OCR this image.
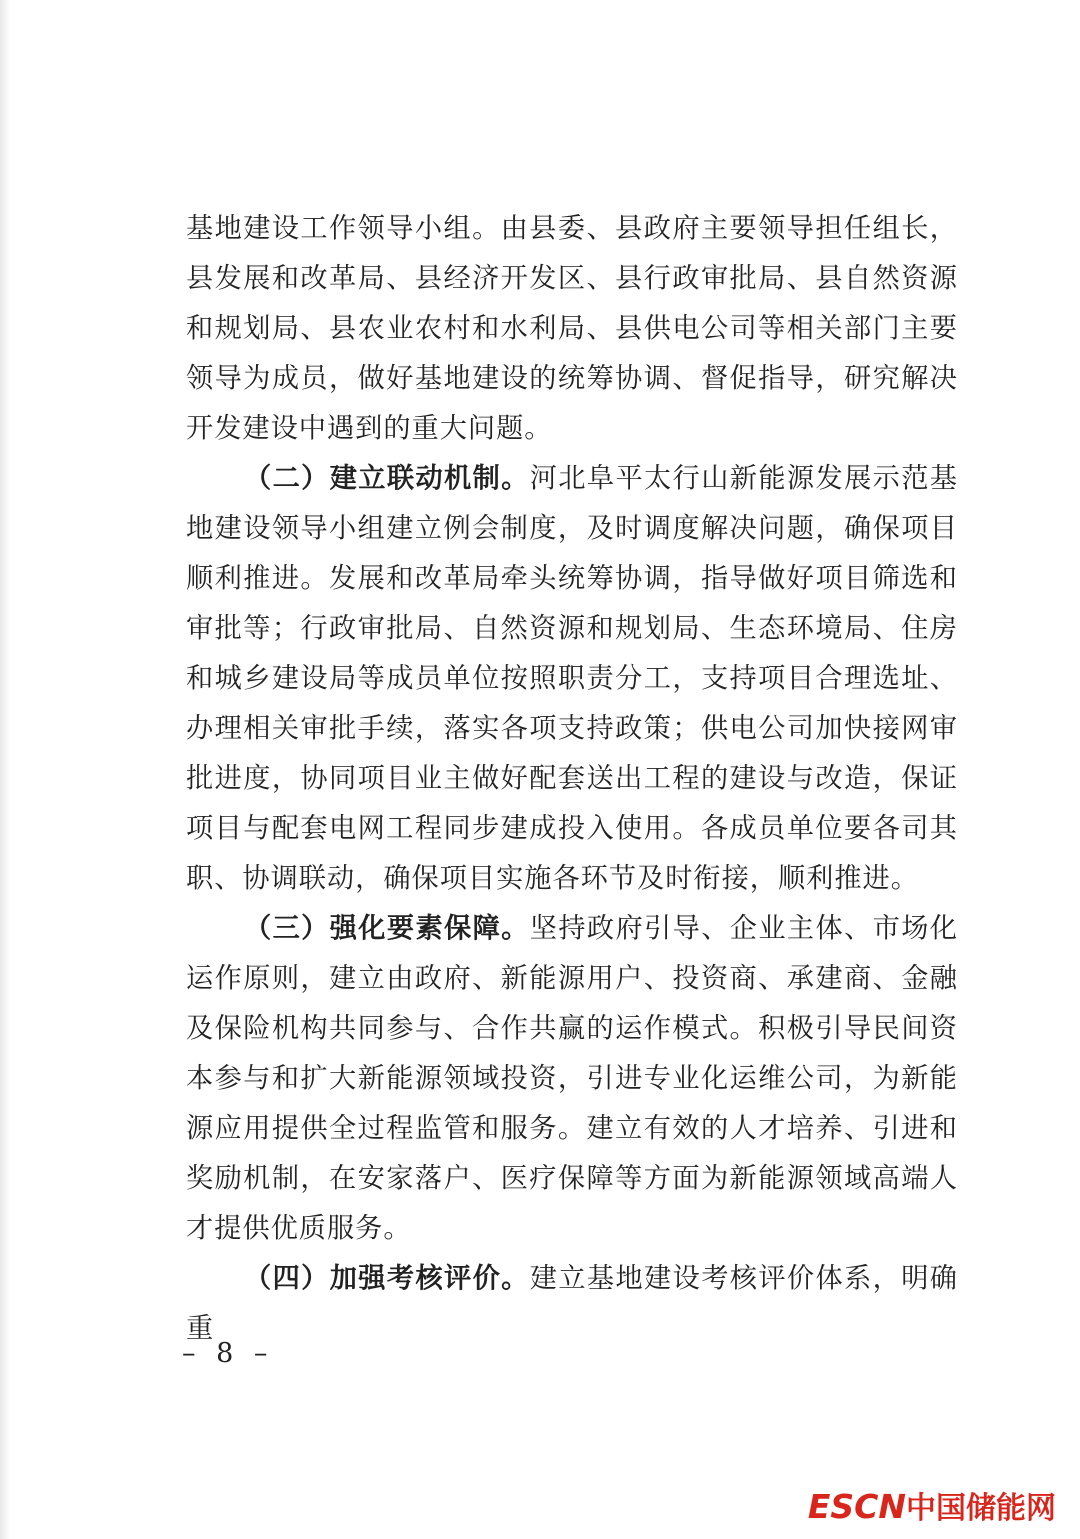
基地建设工作领导小组。由县委、县政府主要领导担任组长，县发展和改革局、县经济开发区、县行政审批局、县自然资源和规划局、县农业农村和水利局、县供电公司等相关部门主要领导为成员，做好基地建设的统筹协调、督促指导，研究解决开发建设中遇到的重大问题。

（二）建立联动机制。河北阜平太行山新能源发展示范基地建设领导小组建立例会制度，及时调度解决问题，确保项目顺利推进。发展和改革局牵头统筹协调，指导做好项目筛选和审批等；行政审批局、自然资源和规划局、生态环境局、住房和城乡建设局等成员单位按照职责分工，支持项目合理选址、办理相关审批手续，落实各项支持政策；供电公司加快接网审批进度，协同项目业主做好配套送出工程的建设与改造，保证项目与配套电网工程同步建成投入使用。各成员单位要各司其职、协调联动，确保项目实施各环节及时衔接，顺利推进。

（三）强化要素保障。坚持政府引导、企业主体、市场化运作原则，建立由政府、新能源用户、投资商、承建商、金融及保险机构共同参与、合作共赢的运作模式。积极引导民间资本参与和扩大新能源领域投资，引进专业化运维公司，为新能源应用提供全过程监管和服务。建立有效的人才培养、引进和奖励机制，在安家落户、医疗保障等方面为新能源领域高端人才提供优质服务。

（四）加强考核评价。建立基地建设考核评价体系，明确重

– 8 –
ESCN 中国储能网
